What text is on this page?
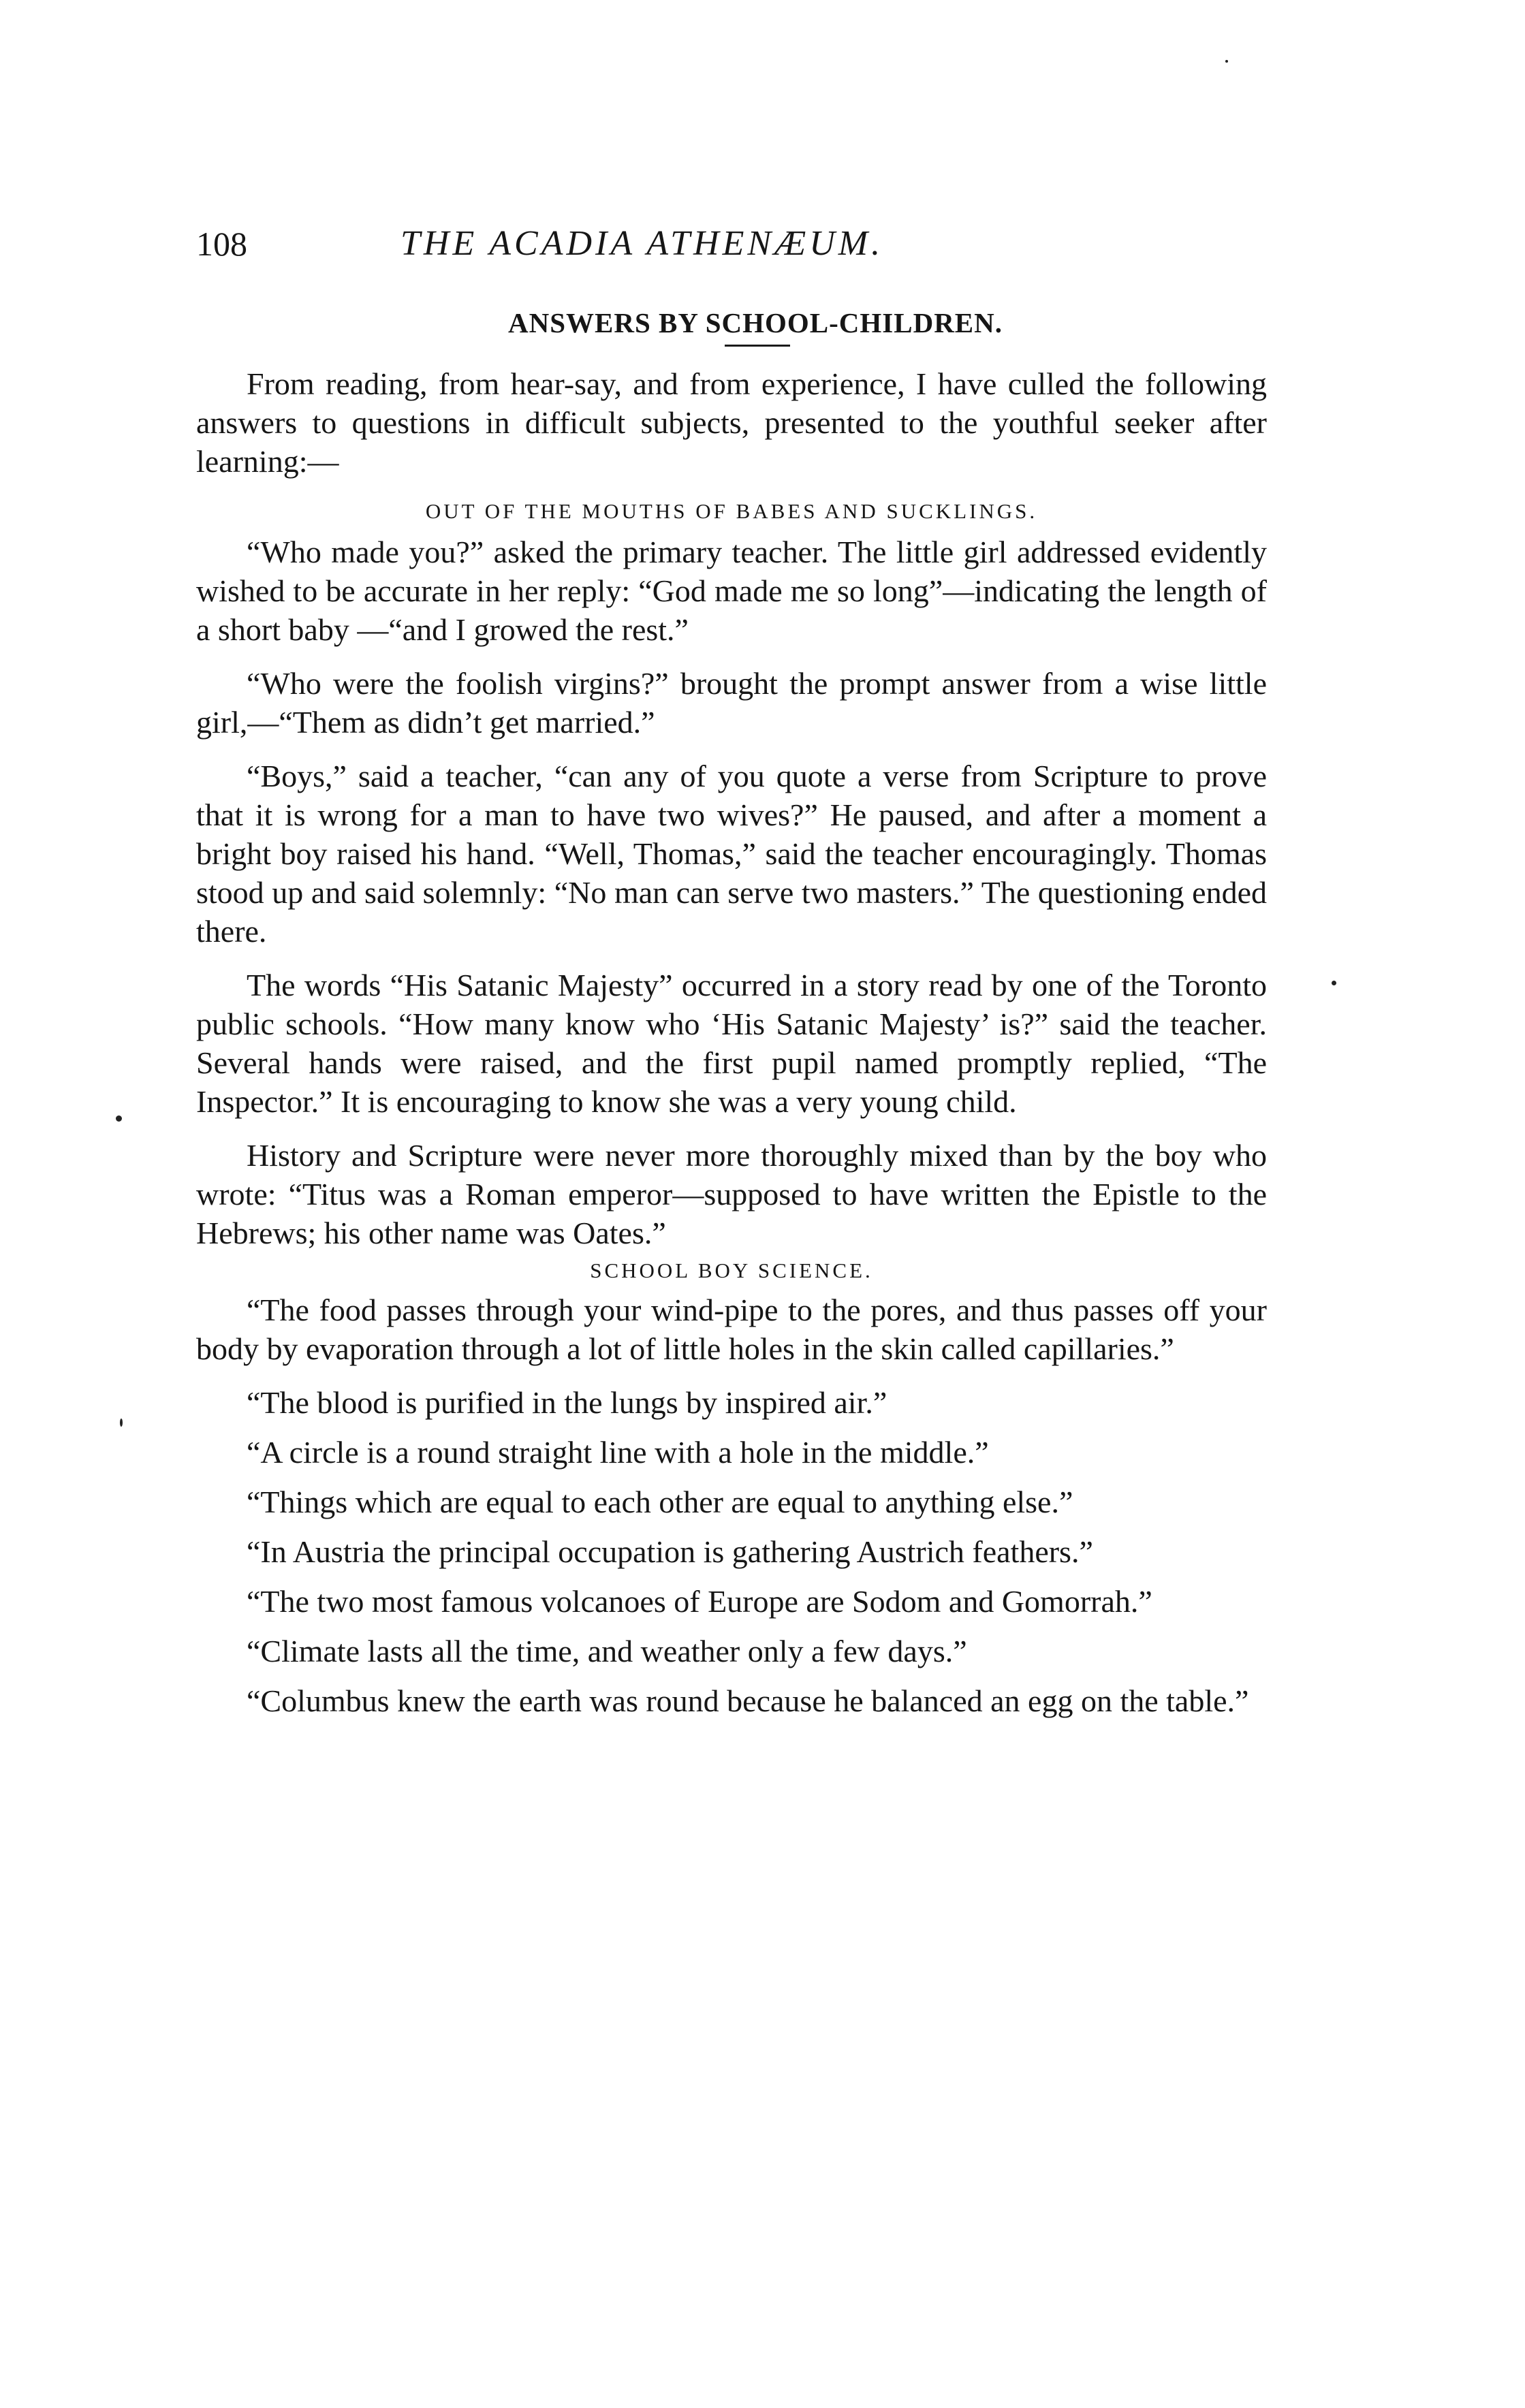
108	THE ACADIA ATHENÆUM.
ANSWERS BY SCHOOL-CHILDREN.

From reading, from hear-say, and from experience, I have culled the following answers to questions in difficult subjects, presented to the youthful seeker after learning:—

OUT OF THE MOUTHS OF BABES AND SUCKLINGS.

“Who made you?” asked the primary teacher. The little girl addressed evidently wished to be accurate in her reply: “God made me so long”—indicating the length of a short baby —“and I growed the rest.”

“Who were the foolish virgins?” brought the prompt answer from a wise little girl,—“Them as didn’t get married.”

“Boys,” said a teacher, “can any of you quote a verse from Scripture to prove that it is wrong for a man to have two wives?” He paused, and after a moment a bright boy raised his hand. “Well, Thomas,” said the teacher encouragingly. Thomas stood up and said solemnly: “No man can serve two masters.” The questioning ended there.

The words “His Satanic Majesty” occurred in a story read by one of the Toronto public schools. “How many know who ‘His Satanic Majesty’ is?” said the teacher. Several hands were raised, and the first pupil named promptly replied, “The Inspector.” It is encouraging to know she was a very young child.

History and Scripture were never more thoroughly mixed than by the boy who wrote: “Titus was a Roman emperor—supposed to have written the Epistle to the Hebrews; his other name was Oates.”

SCHOOL BOY SCIENCE.

“The food passes through your wind-pipe to the pores, and thus passes off your body by evaporation through a lot of little holes in the skin called capillaries.”

“The blood is purified in the lungs by inspired air.”

“A circle is a round straight line with a hole in the middle.”

“Things which are equal to each other are equal to anything else.”

“In Austria the principal occupation is gathering Austrich feathers.”

“The two most famous volcanoes of Europe are Sodom and Gomorrah.”

“Climate lasts all the time, and weather only a few days.”

“Columbus knew the earth was round because he balanced an egg on the table.”
